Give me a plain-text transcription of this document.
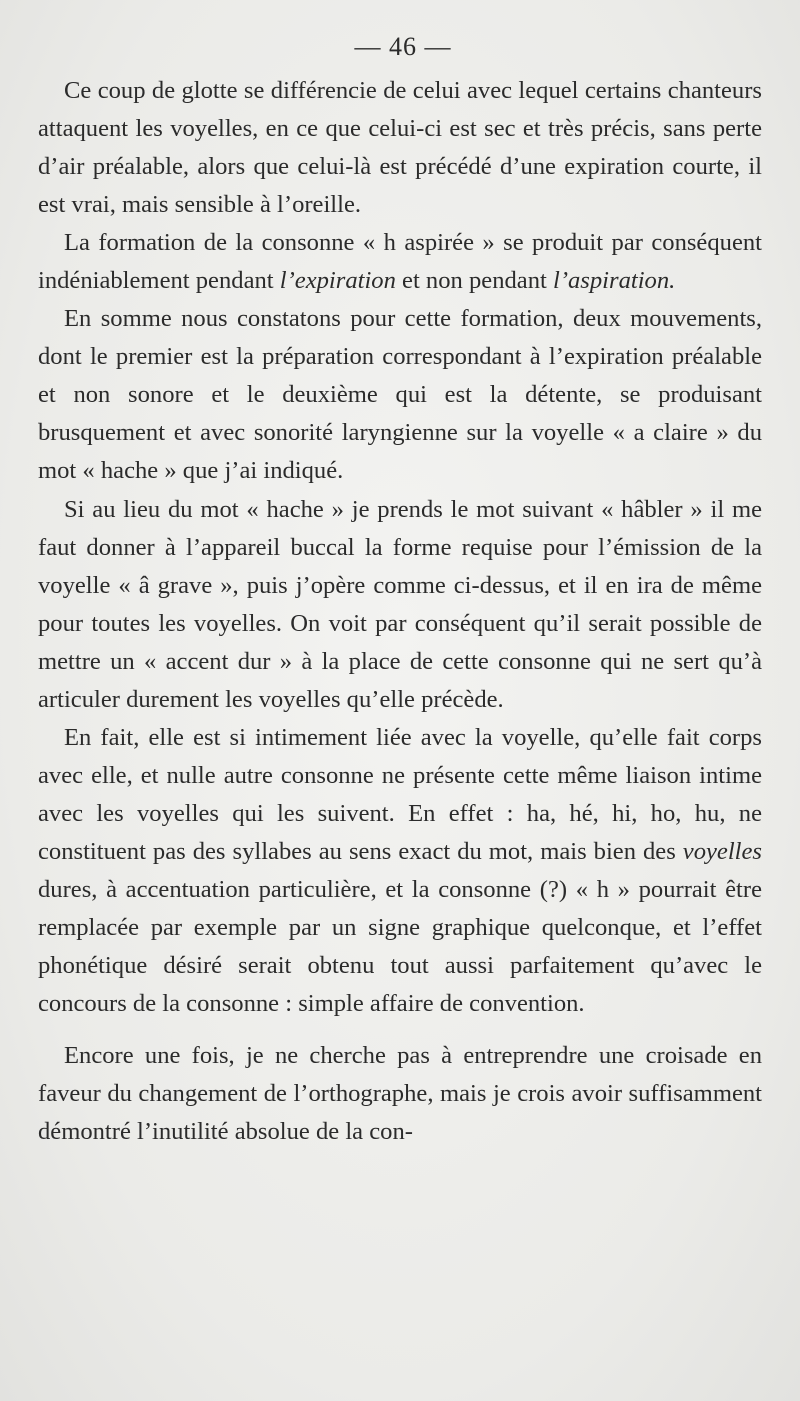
— 46 —

Ce coup de glotte se différencie de celui avec lequel certains chanteurs attaquent les voyelles, en ce que celui-ci est sec et très précis, sans perte d’air préalable, alors que celui-là est précédé d’une expiration courte, il est vrai, mais sensible à l’oreille.

La formation de la consonne « h aspirée » se produit par conséquent indéniablement pendant l’expiration et non pendant l’aspiration.

En somme nous constatons pour cette formation, deux mouvements, dont le premier est la préparation correspondant à l’expiration préalable et non sonore et le deuxième qui est la détente, se produisant brusquement et avec sonorité laryngienne sur la voyelle « a claire » du mot « hache » que j’ai indiqué.

Si au lieu du mot « hache » je prends le mot suivant « hâbler » il me faut donner à l’appareil buccal la forme requise pour l’émission de la voyelle « â grave », puis j’opère comme ci-dessus, et il en ira de même pour toutes les voyelles. On voit par conséquent qu’il serait possible de mettre un « accent dur » à la place de cette consonne qui ne sert qu’à articuler durement les voyelles qu’elle précède.

En fait, elle est si intimement liée avec la voyelle, qu’elle fait corps avec elle, et nulle autre consonne ne présente cette même liaison intime avec les voyelles qui les suivent. En effet : ha, hé, hi, ho, hu, ne constituent pas des syllabes au sens exact du mot, mais bien des voyelles dures, à accentuation particulière, et la consonne (?) « h » pourrait être remplacée par exemple par un signe graphique quelconque, et l’effet phonétique désiré serait obtenu tout aussi parfaitement qu’avec le concours de la consonne : simple affaire de convention.

Encore une fois, je ne cherche pas à entreprendre une croisade en faveur du changement de l’orthographe, mais je crois avoir suffisamment démontré l’inutilité absolue de la con-
